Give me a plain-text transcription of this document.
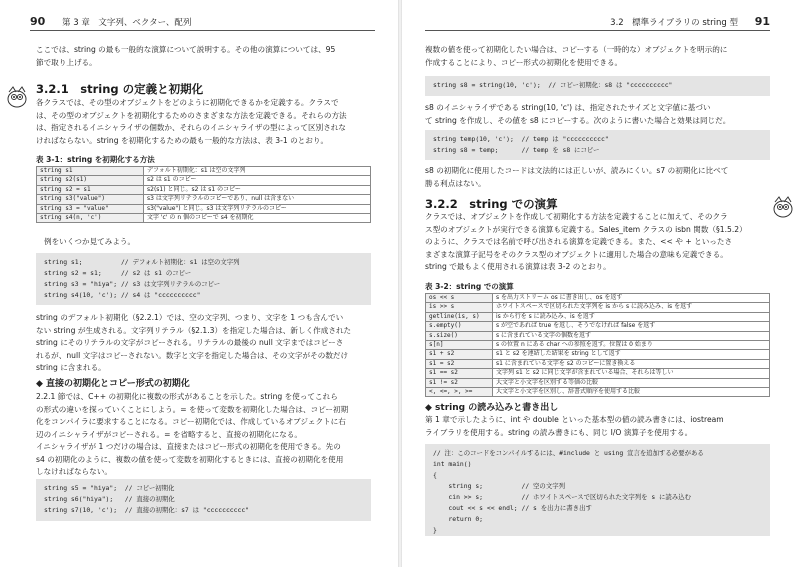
90 第 3 章　文字列、ベクター、配列
ここでは、string の最も一般的な演算について説明する。その他の演算については、95
節で取り上げる。
3.2.1　string の定義と初期化
各クラスでは、その型のオブジェクトをどのように初期化できるかを定義する。クラスで
は、その型のオブジェクトを初期化するためのさまざまな方法を定義できる。それらの方法
は、指定されるイニシャライザの個数か、それらのイニシャライザの型によって区別されな
ければならない。string を初期化するための最も一般的な方法は、表 3-1 のとおり。
表 3-1：string を初期化する方法
string s1	デフォルト初期化：s1 は空の文字列
string s2(s1)	s2 は s1 のコピー
string s2 = s1	s2(s1) と同じ。s2 は s1 のコピー
string s3("value")	s3 は文字列リテラルのコピーであり、null は含まない
string s3 = "value"	s3("value") と同じ。s3 は文字列リテラルのコピー
string s4(n, 'c')	文字 'c' の n 個のコピーで s4 を初期化
例をいくつか見てみよう。
string s1;          // デフォルト初期化：s1 は空の文字列
string s2 = s1;     // s2 は s1 のコピー
string s3 = "hiya"; // s3 は文字列リテラルのコピー
string s4(10, 'c'); // s4 は "cccccccccc"
string のデフォルト初期化（§2.2.1）では、空の文字列、つまり、文字を 1 つも含んでい
ない string が生成される。文字列リテラル（§2.1.3）を指定した場合は、新しく作成された
string にそのリテラルの文字がコピーされる。リテラルの最後の null 文字まではコピーさ
れるが、null 文字はコピーされない。数字と文字を指定した場合は、その文字がその数だけ
string に含まれる。
◆ 直接の初期化とコピー形式の初期化
2.2.1 節では、C++ の初期化に複数の形式があることを示した。string を使ってこれら
の形式の違いを探っていくことにしよう。= を使って変数を初期化した場合は、コピー初期
化をコンパイラに要求することになる。コピー初期化では、作成しているオブジェクトに右
辺のイニシャライザがコピーされる。= を省略すると、直接の初期化になる。
イニシャライザが 1 つだけの場合は、直接またはコピー形式の初期化を使用できる。先の
s4 の初期化のように、複数の値を使って変数を初期化するときには、直接の初期化を使用
しなければならない。
string s5 = "hiya";  // コピー初期化
string s6("hiya");   // 直接の初期化
string s7(10, 'c');  // 直接の初期化：s7 は "cccccccccc"
3.2　標準ライブラリの string 型 91
複数の値を使って初期化したい場合は、コピーする（一時的な）オブジェクトを明示的に
作成することにより、コピー形式の初期化を使用できる。
string s8 = string(10, 'c');  // コピー初期化：s8 は "cccccccccc"
s8 のイニシャライザである string(10, 'c') は、指定されたサイズと文字値に基づい
て string を作成し、その値を s8 にコピーする。次のように書いた場合と効果は同じだ。
string temp(10, 'c');  // temp は "cccccccccc"
string s8 = temp;      // temp を s8 にコピー
s8 の初期化に使用したコードは文法的には正しいが、読みにくい。s7 の初期化に比べて
勝る利点はない。
3.2.2　string での演算
クラスでは、オブジェクトを作成して初期化する方法を定義することに加えて、そのクラ
ス型のオブジェクトが実行できる演算も定義する。Sales_item クラスの isbn 関数（§1.5.2）
のように、クラスでは名前で呼び出される演算を定義できる。また、<< や + といったさ
まざまな演算子記号をそのクラス型のオブジェクトに適用した場合の意味も定義できる。
string で最もよく使用される演算は表 3-2 のとおり。
表 3-2：string での演算
os << s	s を出力ストリーム os に書き出し、os を返す
is >> s	ホワイトスペースで区切られた文字列を is から s に読み込み、is を返す
getline(is, s)	is から行を s に読み込み、is を返す
s.empty()	s が空であれば true を返し、そうでなければ false を返す
s.size()	s に含まれている文字の個数を返す
s[n]	s の位置 n にある char への参照を返す。位置は 0 始まり
s1 + s2	s1 と s2 を連結した結果を string として返す
s1 = s2	s1 に含まれている文字を s2 のコピーに置き換える
s1 == s2	文字列 s1 と s2 に同じ文字が含まれている場合、それらは等しい
s1 != s2	大文字と小文字を区別する等価の比較
<, <=, >, >=	大文字と小文字を区別し、辞書式順序を使用する比較
◆ string の読み込みと書き出し
第 1 章で示したように、int や double といった基本型の値の読み書きには、iostream
ライブラリを使用する。string の読み書きにも、同じ I/O 演算子を使用する。
// 注：このコードをコンパイルするには、#include と using 宣言を追加する必要がある
int main()
{
string s;          // 空の文字列
cin >> s;          // ホワイトスペースで区切られた文字列を s に読み込む
cout << s << endl; // s を出力に書き出す
return 0;
}
